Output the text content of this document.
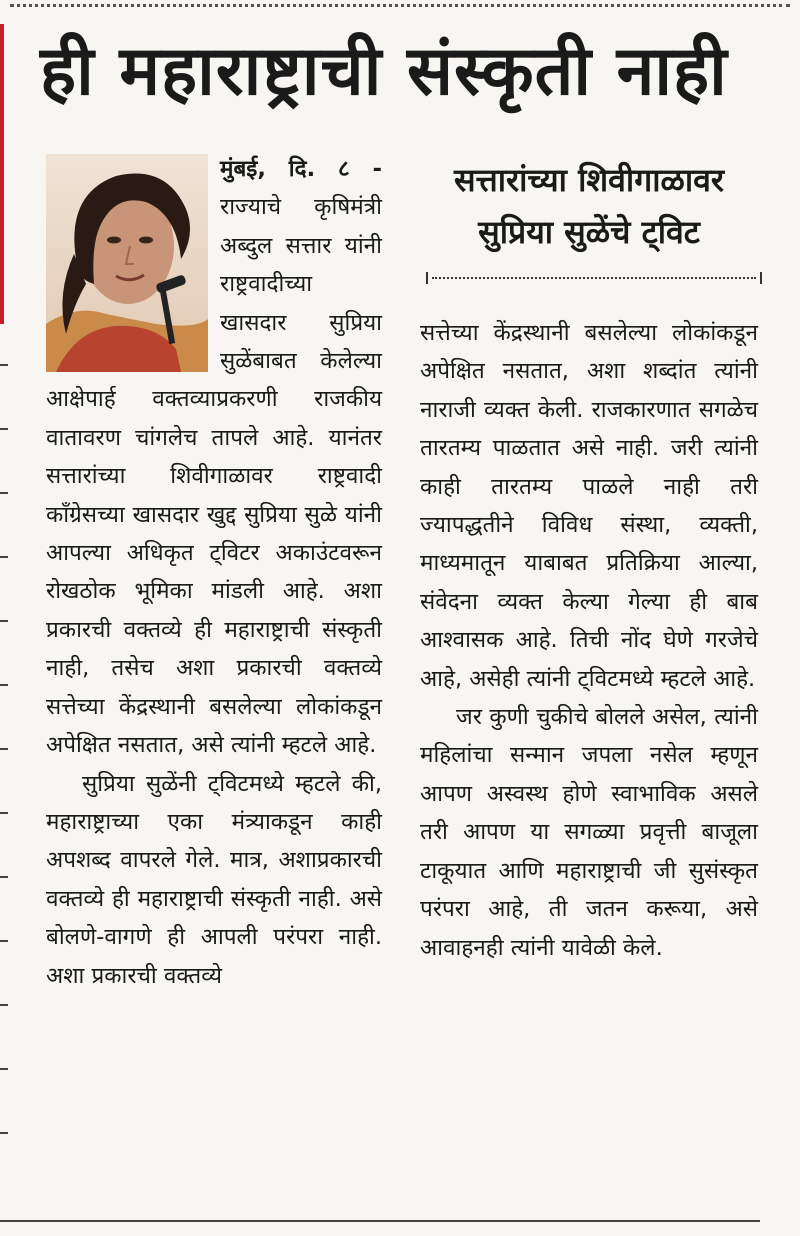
ही महाराष्ट्राची संस्कृती नाही

मुंबई, दि. ८ - राज्याचे कृषिमंत्री अब्दुल सत्तार यांनी राष्ट्रवादीच्या खासदार सुप्रिया सुळेंबाबत केलेल्या आक्षेपार्ह वक्तव्याप्रकरणी राजकीय वातावरण चांगलेच तापले आहे. यानंतर सत्तारांच्या शिवीगाळावर राष्ट्रवादी कॉंग्रेसच्या खासदार खुद्द सुप्रिया सुळे यांनी आपल्या अधिकृत ट्विटर अकाउंटवरून रोखठोक भूमिका मांडली आहे. अशा प्रकारची वक्तव्ये ही महाराष्ट्राची संस्कृती नाही, तसेच अशा प्रकारची वक्तव्ये सत्तेच्या केंद्रस्थानी बसलेल्या लोकांकडून अपेक्षित नसतात, असे त्यांनी म्हटले आहे.

सुप्रिया सुळेंनी ट्विटमध्ये म्हटले की, महाराष्ट्राच्या एका मंत्र्याकडून काही अपशब्द वापरले गेले. मात्र, अशाप्रकारची वक्तव्ये ही महाराष्ट्राची संस्कृती नाही. असे बोलणे-वागणे ही आपली परंपरा नाही. अशा प्रकारची वक्तव्ये

सत्तारांच्या शिवीगाळावर सुप्रिया सुळेंचे ट्विट

सत्तेच्या केंद्रस्थानी बसलेल्या लोकांकडून अपेक्षित नसतात, अशा शब्दांत त्यांनी नाराजी व्यक्त केली. राजकारणात सगळेच तारतम्य पाळतात असे नाही. जरी त्यांनी काही तारतम्य पाळले नाही तरी ज्यापद्धतीने विविध संस्था, व्यक्ती, माध्यमातून याबाबत प्रतिक्रिया आल्या, संवेदना व्यक्त केल्या गेल्या ही बाब आश्वासक आहे. तिची नोंद घेणे गरजेचे आहे, असेही त्यांनी ट्विटमध्ये म्हटले आहे.

जर कुणी चुकीचे बोलले असेल, त्यांनी महिलांचा सन्मान जपला नसेल म्हणून आपण अस्वस्थ होणे स्वाभाविक असले तरी आपण या सगळ्या प्रवृत्ती बाजूला टाकूयात आणि महाराष्ट्राची जी सुसंस्कृत परंपरा आहे, ती जतन करूया, असे आवाहनही त्यांनी यावेळी केले.
